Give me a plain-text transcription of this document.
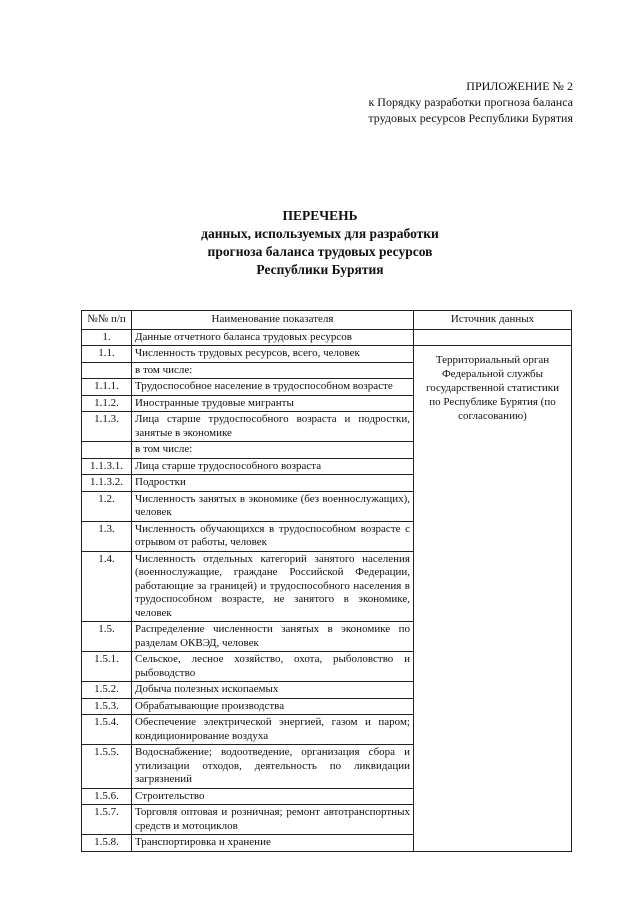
ПРИЛОЖЕНИЕ № 2
к Порядку разработки прогноза баланса
трудовых ресурсов Республики Бурятия
ПЕРЕЧЕНЬ
данных, используемых для разработки
прогноза баланса трудовых ресурсов
Республики Бурятия
№№ п/п	Наименование показателя	Источник данных
1.	Данные отчетного баланса трудовых ресурсов	
1.1.	Численность трудовых ресурсов, всего, человек	Территориальный орган Федеральной службы государственной статистики по Республике Бурятия (по согласованию)

	в том числе:	
1.1.1.	Трудоспособное население в трудоспособном возрасте	
1.1.2.	Иностранные трудовые мигранты	
1.1.3.	Лица старше трудоспособного возраста и подростки, занятые в экономике	
	в том числе:	
1.1.3.1.	Лица старше трудоспособного возраста	
1.1.3.2.	Подростки	
1.2.	Численность занятых в экономике (без военнослужащих), человек	
1.3.	Численность обучающихся в трудоспособном возрасте с отрывом от работы, человек	
1.4.	Численность отдельных категорий занятого населения (военнослужащие, граждане Российской Федерации, работающие за границей) и трудоспособного населения в трудоспособном возрасте, не занятого в экономике, человек	
1.5.	Распределение численности занятых в экономике по разделам ОКВЭД, человек	
1.5.1.	Сельское, лесное хозяйство, охота, рыболовство и рыбоводство	
1.5.2.	Добыча полезных ископаемых	
1.5.3.	Обрабатывающие производства	
1.5.4.	Обеспечение электрической энергией, газом и паром; кондиционирование воздуха	
1.5.5.	Водоснабжение; водоотведение, организация сбора и утилизации отходов, деятельность по ликвидации загрязнений	
1.5.6.	Строительство	
1.5.7.	Торговля оптовая и розничная; ремонт автотранспортных средств и мотоциклов	
1.5.8.	Транспортировка и хранение	
